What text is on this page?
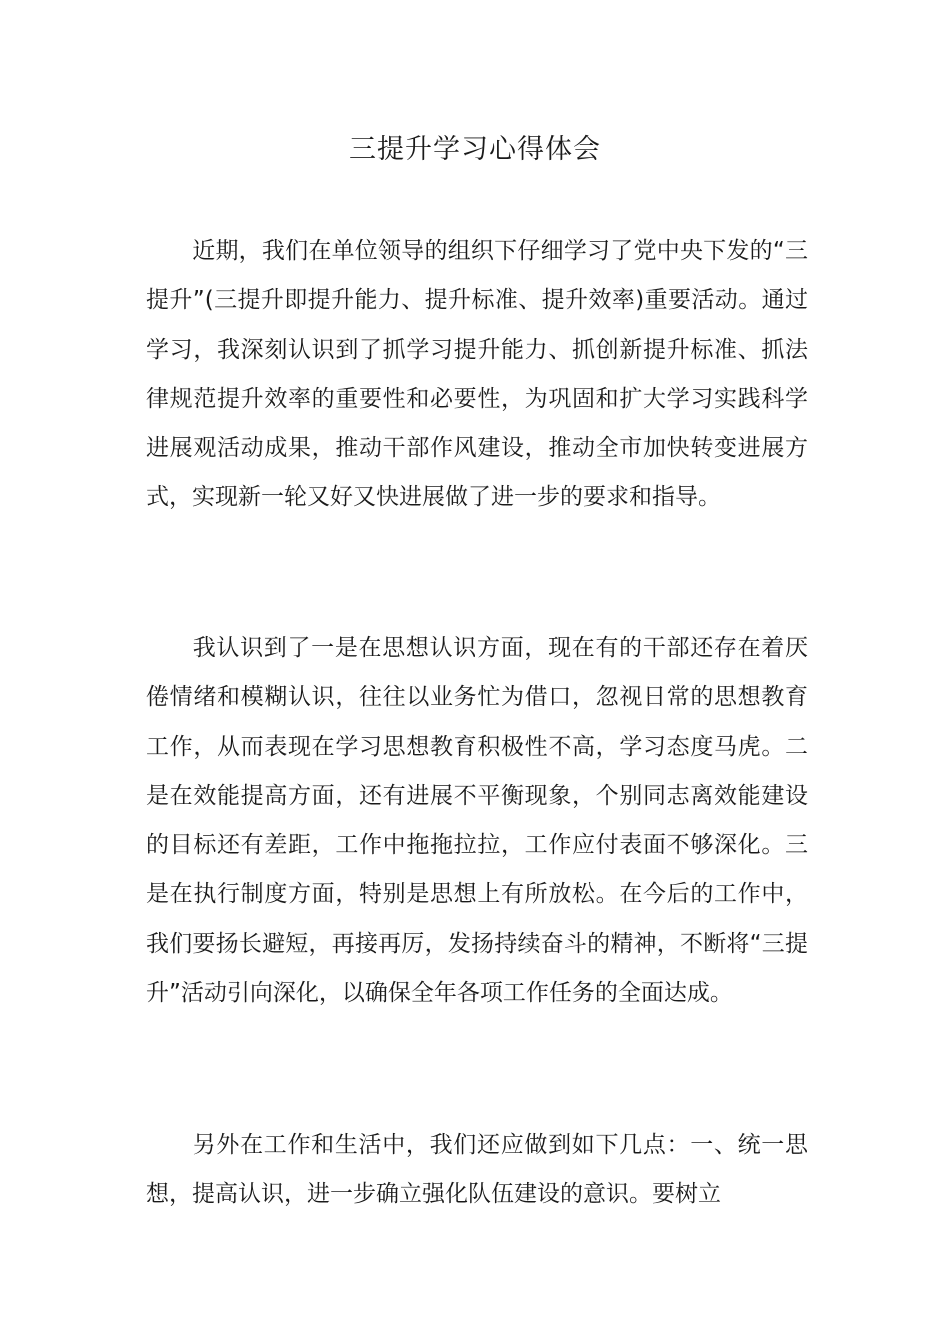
三提升学习心得体会

近期，我们在单位领导的组织下仔细学习了党中央下发的“三提升”(三提升即提升能力、提升标准、提升效率)重要活动。通过学习，我深刻认识到了抓学习提升能力、抓创新提升标准、抓法律规范提升效率的重要性和必要性，为巩固和扩大学习实践科学进展观活动成果，推动干部作风建设，推动全市加快转变进展方式，实现新一轮又好又快进展做了进一步的要求和指导。

我认识到了一是在思想认识方面，现在有的干部还存在着厌倦情绪和模糊认识，往往以业务忙为借口，忽视日常的思想教育工作，从而表现在学习思想教育积极性不高，学习态度马虎。二是在效能提高方面，还有进展不平衡现象，个别同志离效能建设的目标还有差距，工作中拖拖拉拉，工作应付表面不够深化。三是在执行制度方面，特别是思想上有所放松。在今后的工作中，我们要扬长避短，再接再厉，发扬持续奋斗的精神，不断将“三提升”活动引向深化，以确保全年各项工作任务的全面达成。

另外在工作和生活中，我们还应做到如下几点：一、统一思想，提高认识，进一步确立强化队伍建设的意识。要树立
